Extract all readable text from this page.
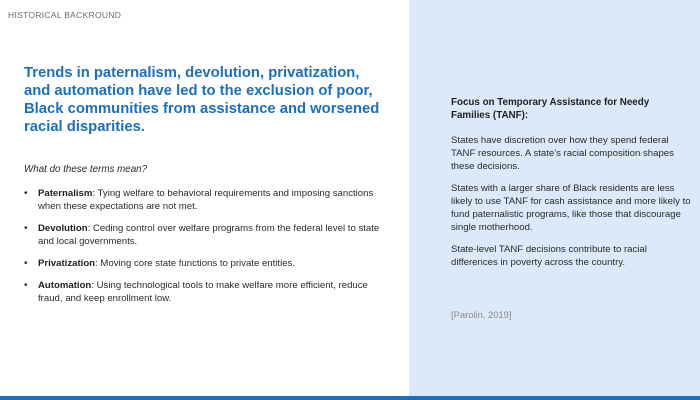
HISTORICAL BACKROUND
Trends in paternalism, devolution, privatization, and automation have led to the exclusion of poor, Black communities from assistance and worsened racial disparities.

What do these terms mean?

• Paternalism: Tying welfare to behavioral requirements and imposing sanctions when these expectations are not met.
• Devolution: Ceding control over welfare programs from the federal level to state and local governments.
• Privatization: Moving core state functions to private entities.
• Automation: Using technological tools to make welfare more efficient, reduce fraud, and keep enrollment low.

Focus on Temporary Assistance for Needy Families (TANF):

States have discretion over how they spend federal TANF resources. A state's racial composition shapes these decisions.

States with a larger share of Black residents are less likely to use TANF for cash assistance and more likely to fund paternalistic programs, like those that discourage single motherhood.

State-level TANF decisions contribute to racial differences in poverty across the country.

[Parolin, 2019]
